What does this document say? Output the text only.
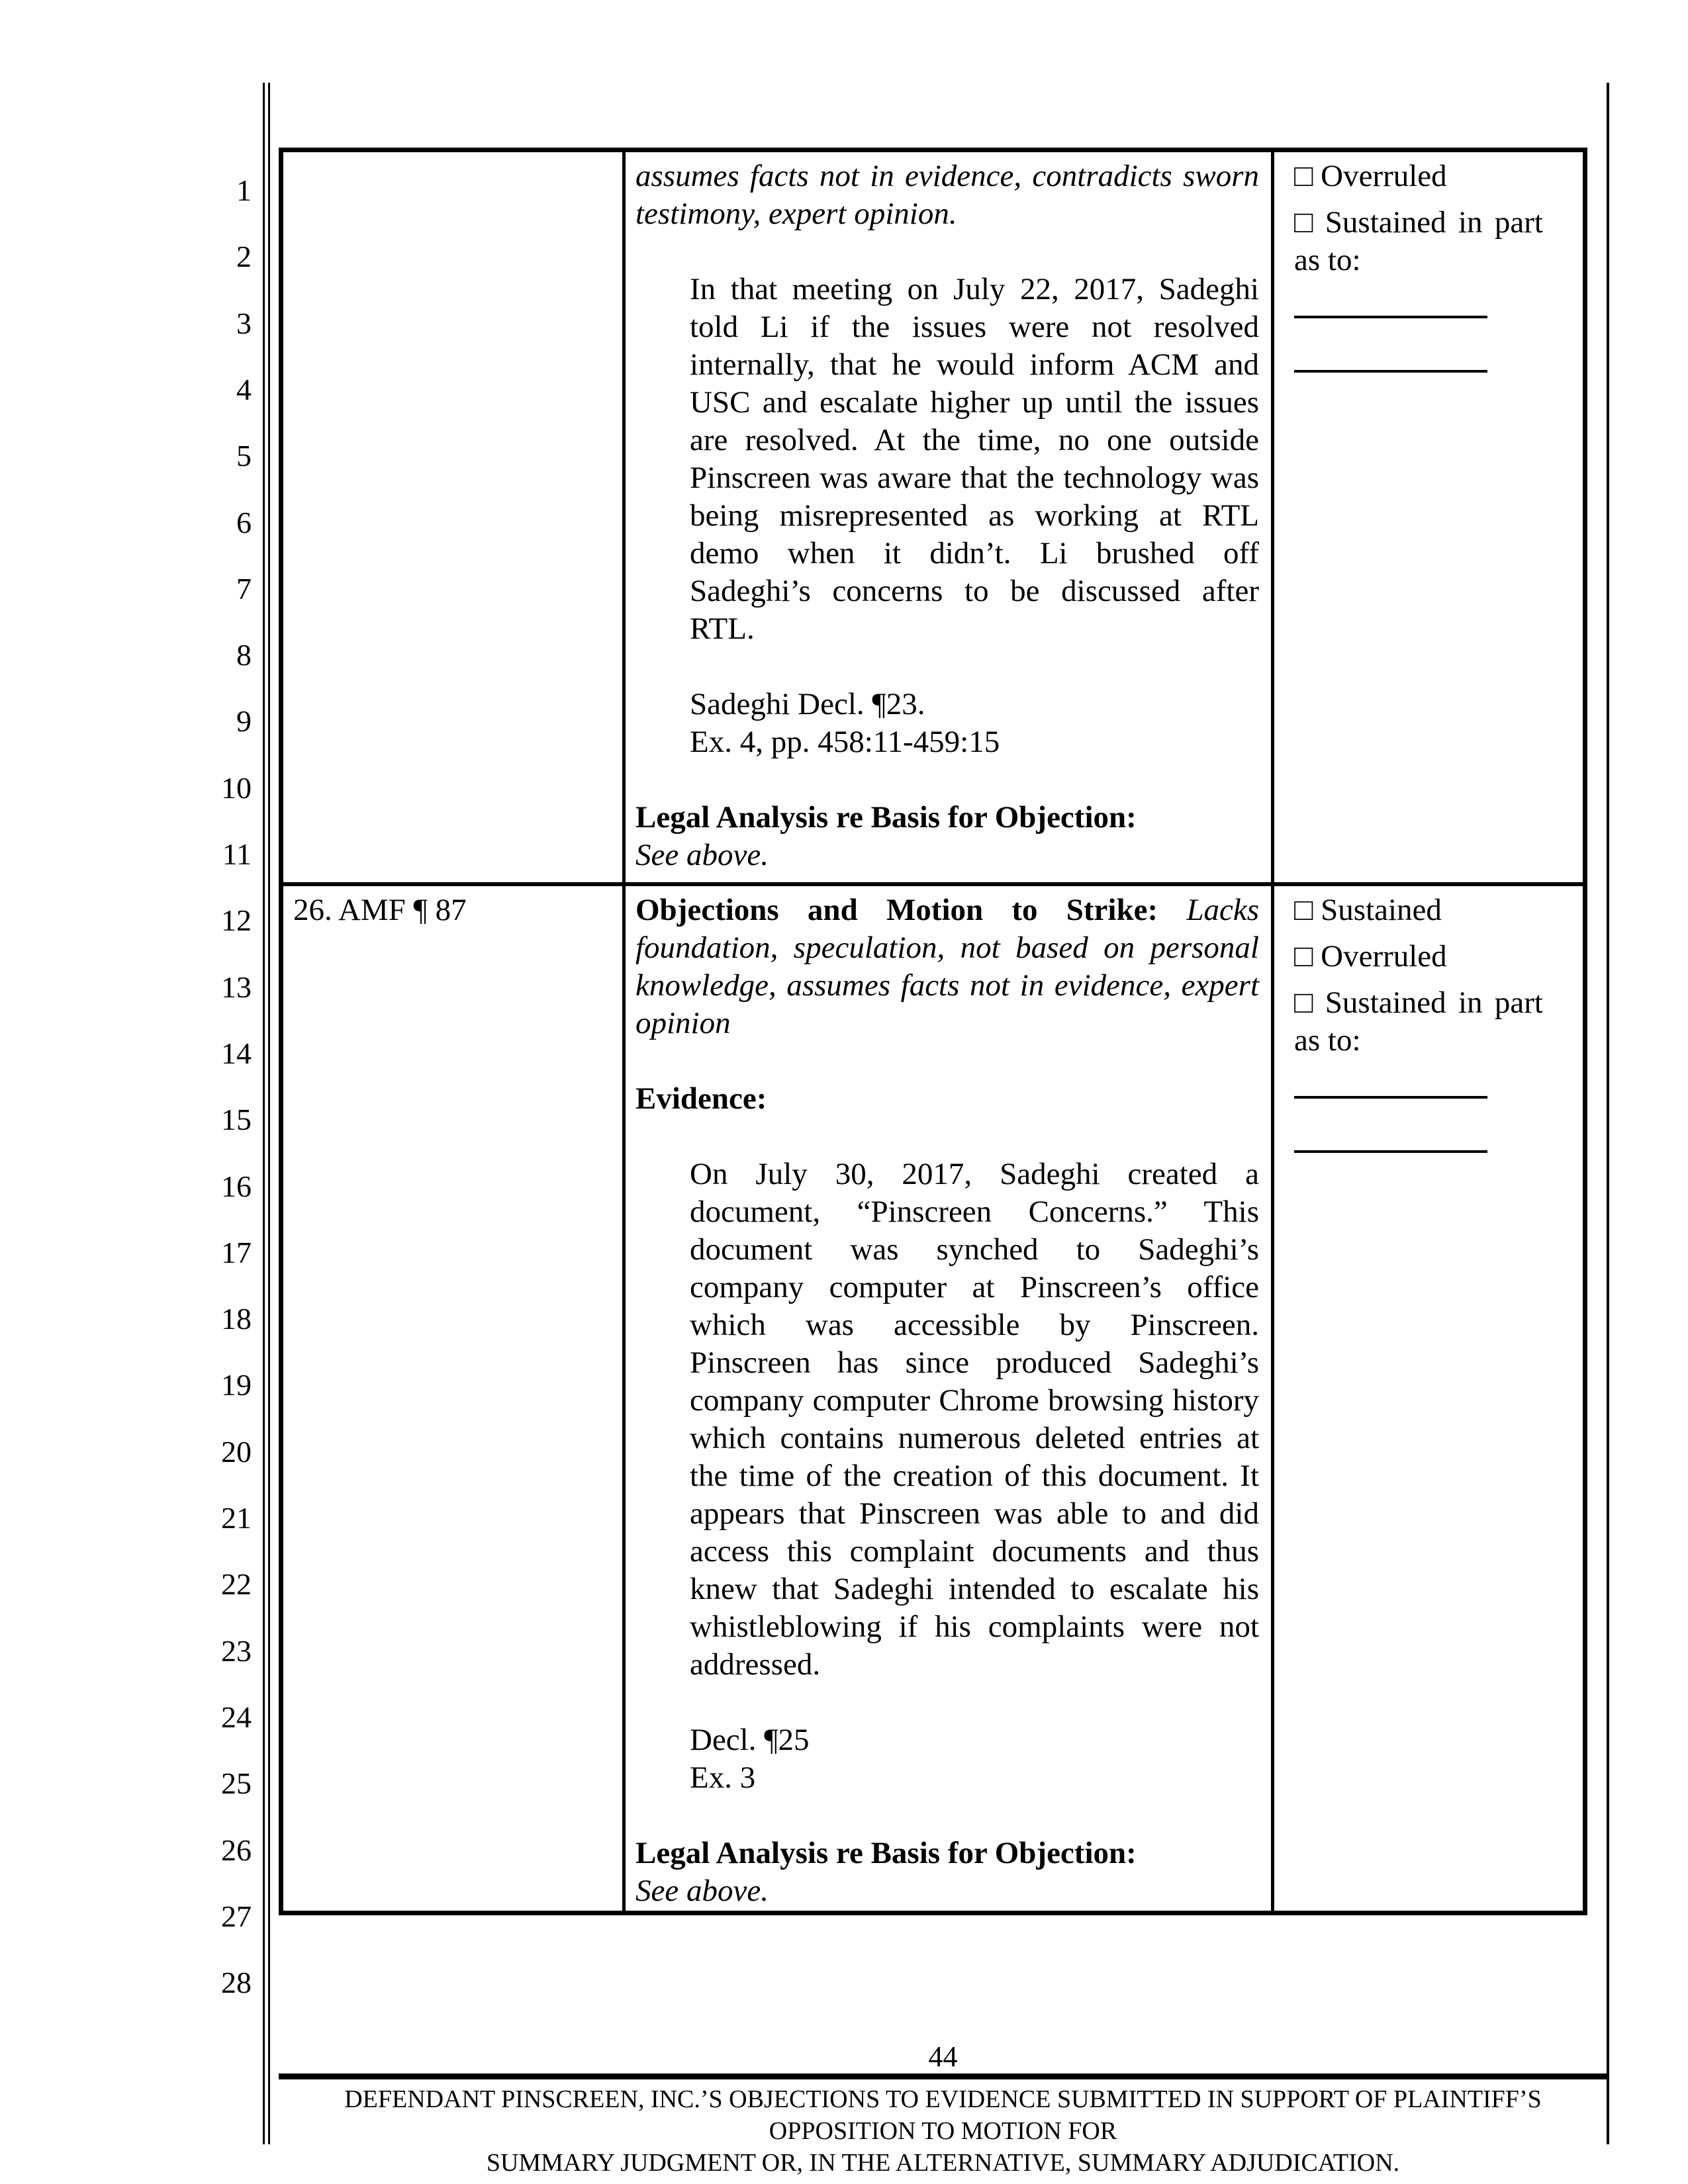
1
2
3
4
5
6
7
8
9
10
11
12
13
14
15
16
17
18
19
20
21
22
23
24
25
26
27
28
assumes facts not in evidence, contradicts sworn testimony, expert opinion.
In that meeting on July 22, 2017, Sadeghi told Li if the issues were not resolved internally, that he would inform ACM and USC and escalate higher up until the issues are resolved. At the time, no one outside Pinscreen was aware that the technology was being misrepresented as working at RTL demo when it didn’t. Li brushed off Sadeghi’s concerns to be discussed after RTL.
Sadeghi Decl. ¶23.
Ex. 4, pp. 458:11-459:15
Legal Analysis re Basis for Objection:
See above.
□ Overruled
□ Sustained in part as to:
26. AMF ¶ 87	Objections and Motion to Strike: Lacks foundation, speculation, not based on personal knowledge, assumes facts not in evidence, expert opinion
Evidence:
On July 30, 2017, Sadeghi created a document, “Pinscreen Concerns.” This document was synched to Sadeghi’s company computer at Pinscreen’s office which was accessible by Pinscreen. Pinscreen has since produced Sadeghi’s company computer Chrome browsing history which contains numerous deleted entries at the time of the creation of this document. It appears that Pinscreen was able to and did access this complaint documents and thus knew that Sadeghi intended to escalate his whistleblowing if his complaints were not addressed.
Decl. ¶25
Ex. 3
Legal Analysis re Basis for Objection:
See above.
□ Sustained
□ Overruled
□ Sustained in part as to:
44
DEFENDANT PINSCREEN, INC.’S OBJECTIONS TO EVIDENCE SUBMITTED IN SUPPORT OF PLAINTIFF’S OPPOSITION TO MOTION FOR
SUMMARY JUDGMENT OR, IN THE ALTERNATIVE, SUMMARY ADJUDICATION.
